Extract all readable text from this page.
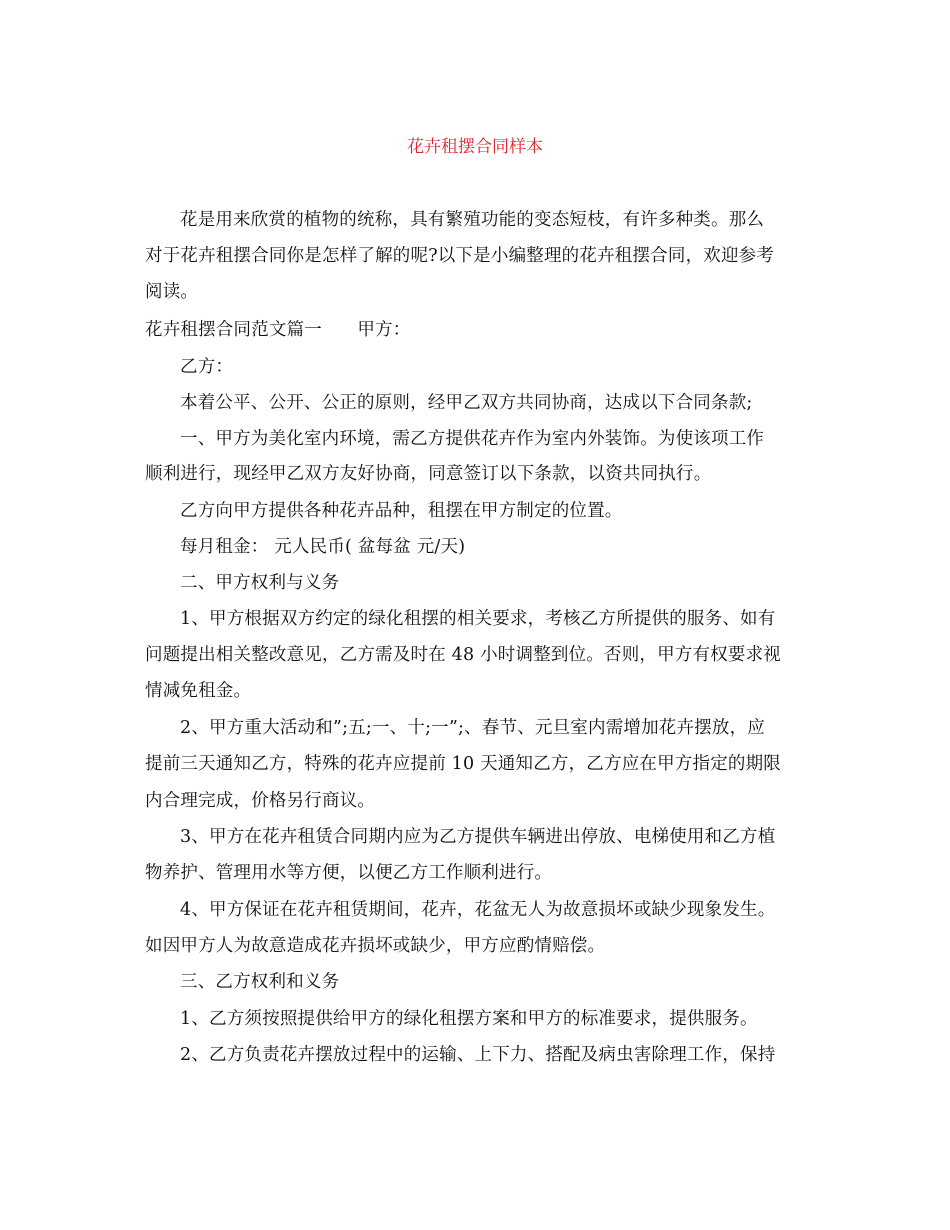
花卉租摆合同样本
花是用来欣赏的植物的统称，具有繁殖功能的变态短枝，有许多种类。那么
对于花卉租摆合同你是怎样了解的呢?以下是小编整理的花卉租摆合同，欢迎参考
阅读。
花卉租摆合同范文篇一　　甲方：
乙方：
本着公平、公开、公正的原则，经甲乙双方共同协商，达成以下合同条款;
一、甲方为美化室内环境，需乙方提供花卉作为室内外装饰。为使该项工作
顺利进行，现经甲乙双方友好协商，同意签订以下条款，以资共同执行。
乙方向甲方提供各种花卉品种，租摆在甲方制定的位置。
每月租金： 元人民币( 盆每盆 元/天)
二、甲方权利与义务
1、甲方根据双方约定的绿化租摆的相关要求，考核乙方所提供的服务、如有
问题提出相关整改意见，乙方需及时在 48 小时调整到位。否则，甲方有权要求视
情减免租金。
2、甲方重大活动和”;五;一、十;一”;、春节、元旦室内需增加花卉摆放，应
提前三天通知乙方，特殊的花卉应提前 10 天通知乙方，乙方应在甲方指定的期限
内合理完成，价格另行商议。
3、甲方在花卉租赁合同期内应为乙方提供车辆进出停放、电梯使用和乙方植
物养护、管理用水等方便，以便乙方工作顺利进行。
4、甲方保证在花卉租赁期间，花卉，花盆无人为故意损坏或缺少现象发生。
如因甲方人为故意造成花卉损坏或缺少，甲方应酌情赔偿。
三、乙方权利和义务
1、乙方须按照提供给甲方的绿化租摆方案和甲方的标准要求，提供服务。
2、乙方负责花卉摆放过程中的运输、上下力、搭配及病虫害除理工作，保持
